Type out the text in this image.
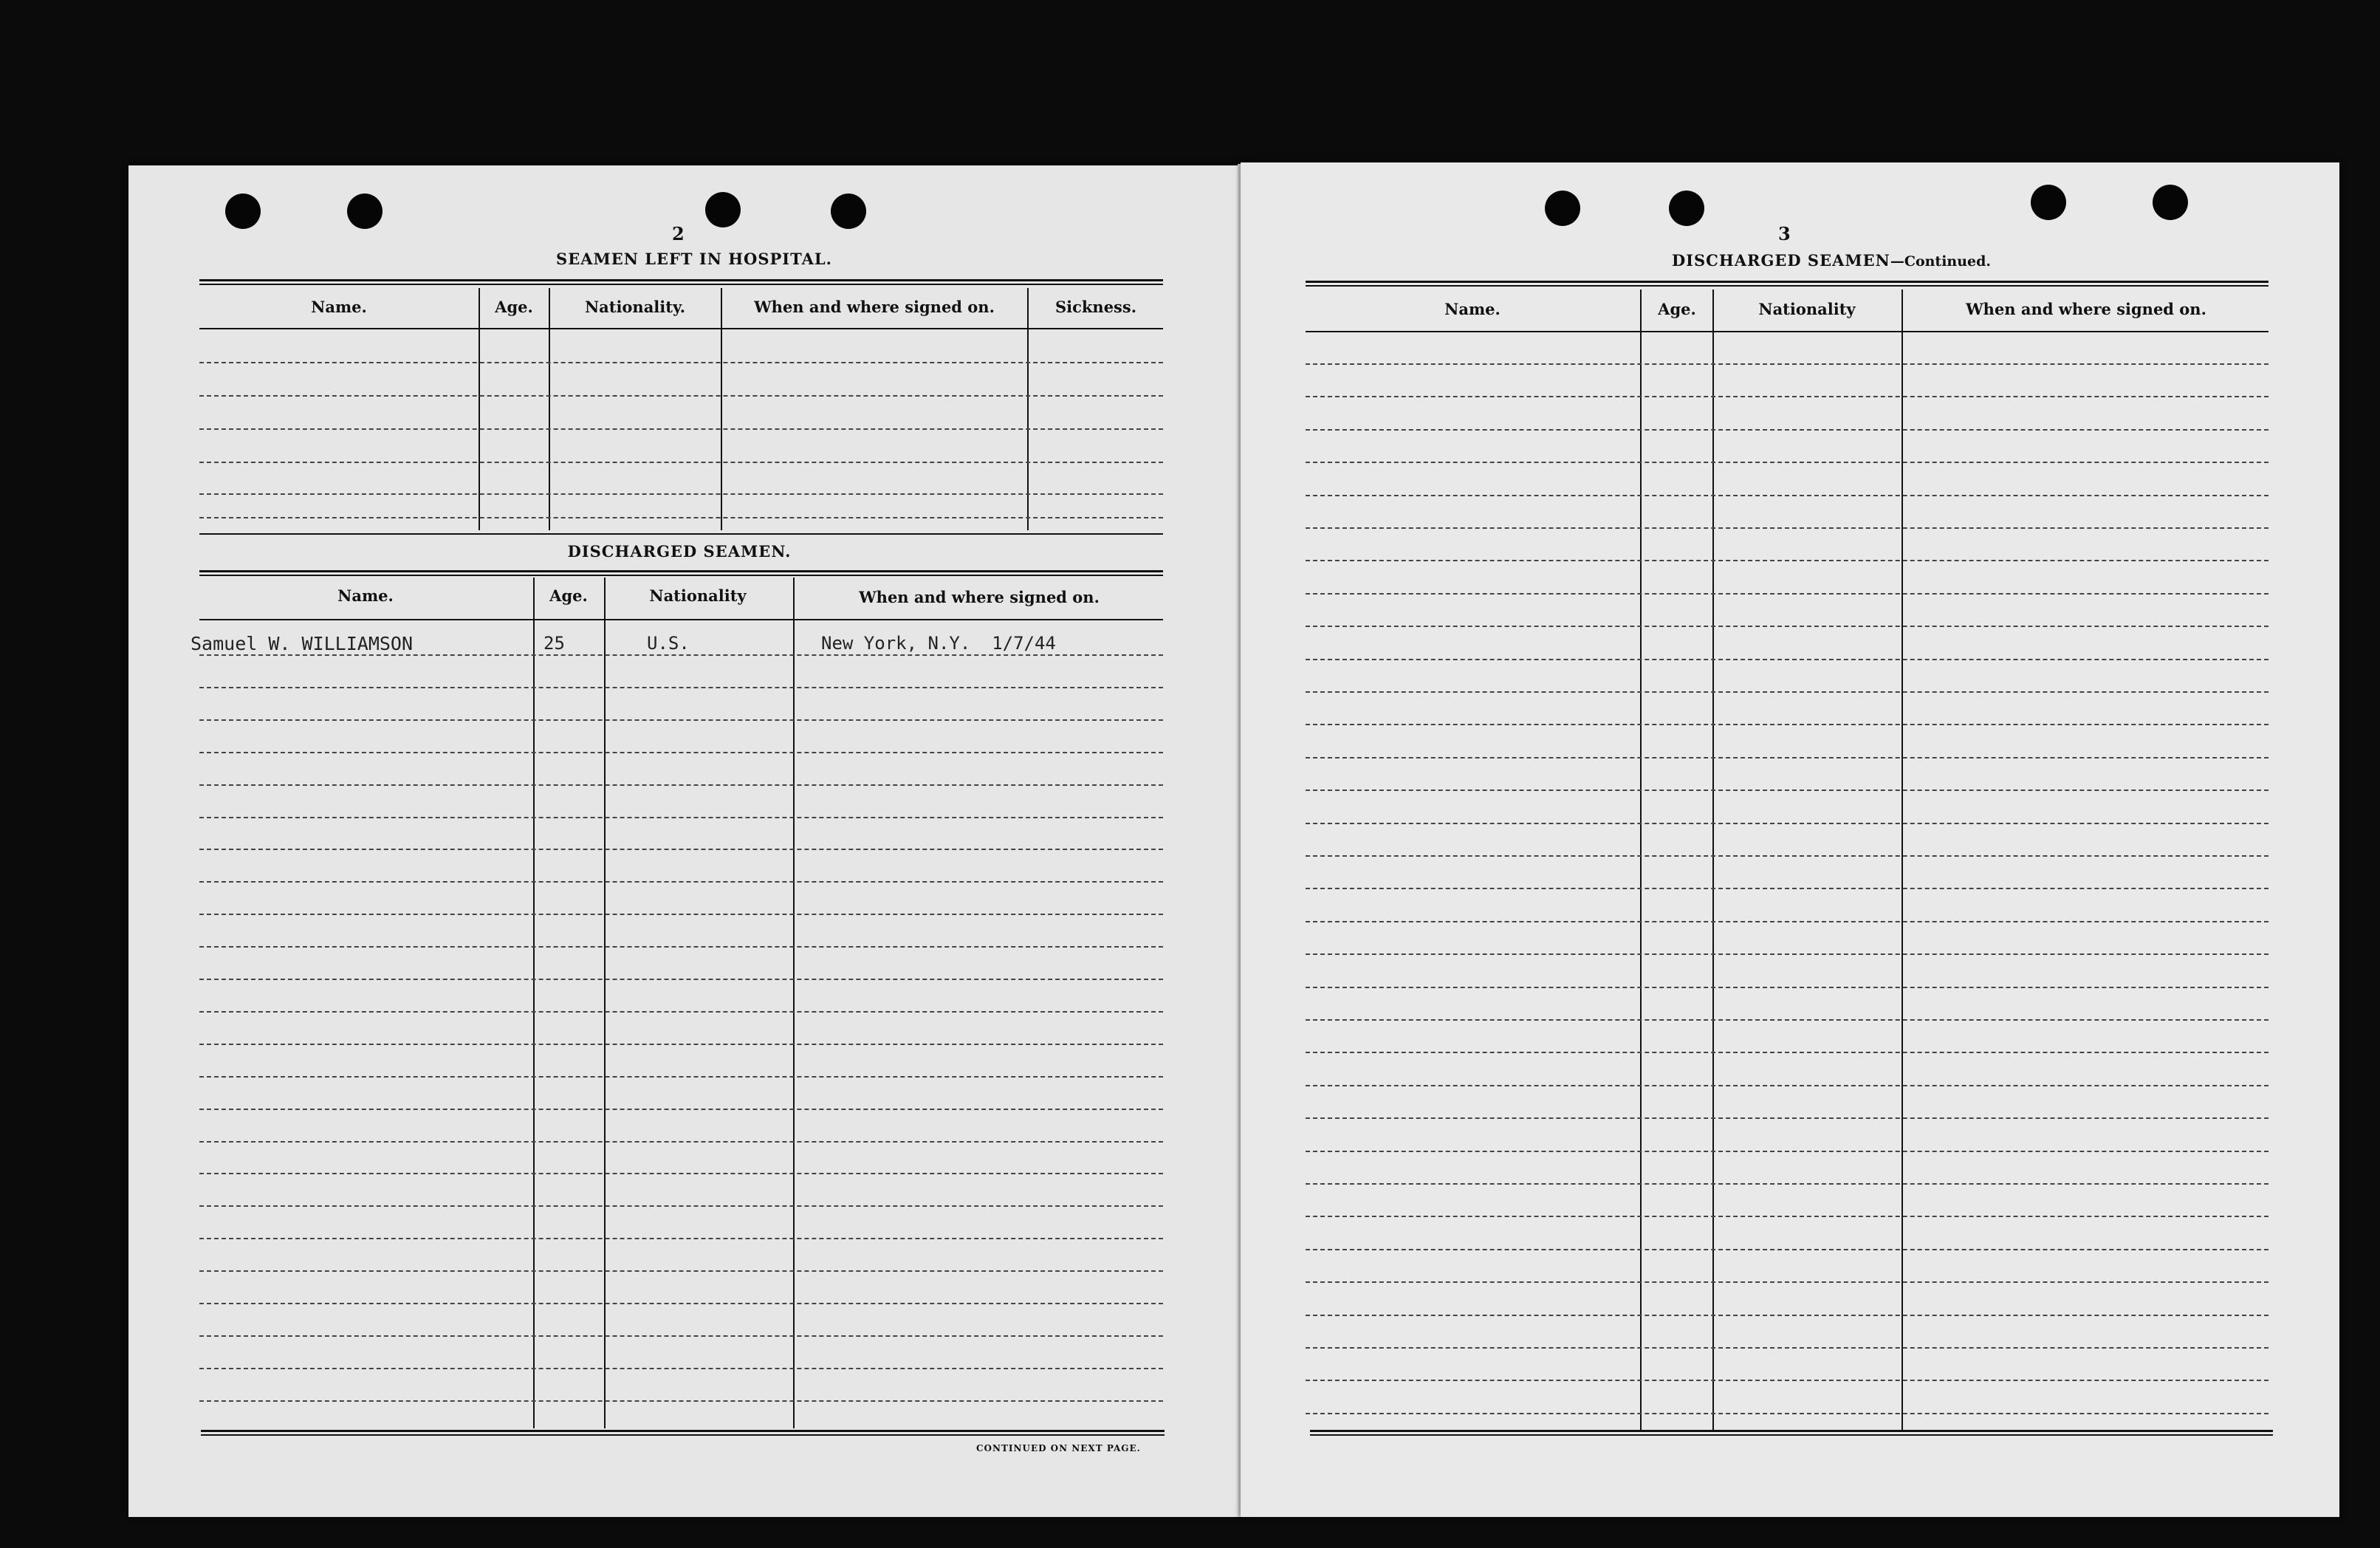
2
SEAMEN LEFT IN HOSPITAL.
Name.	Age.	Nationality.	When and where signed on.	Sickness.
DISCHARGED SEAMEN.
Name.	Age.	Nationality	When and where signed on.
Samuel W. WILLIAMSON	25	U.S.	New York, N.Y.  1/7/44
CONTINUED ON NEXT PAGE.
3
DISCHARGED SEAMEN—Continued.
Name.	Age.	Nationality	When and where signed on.
